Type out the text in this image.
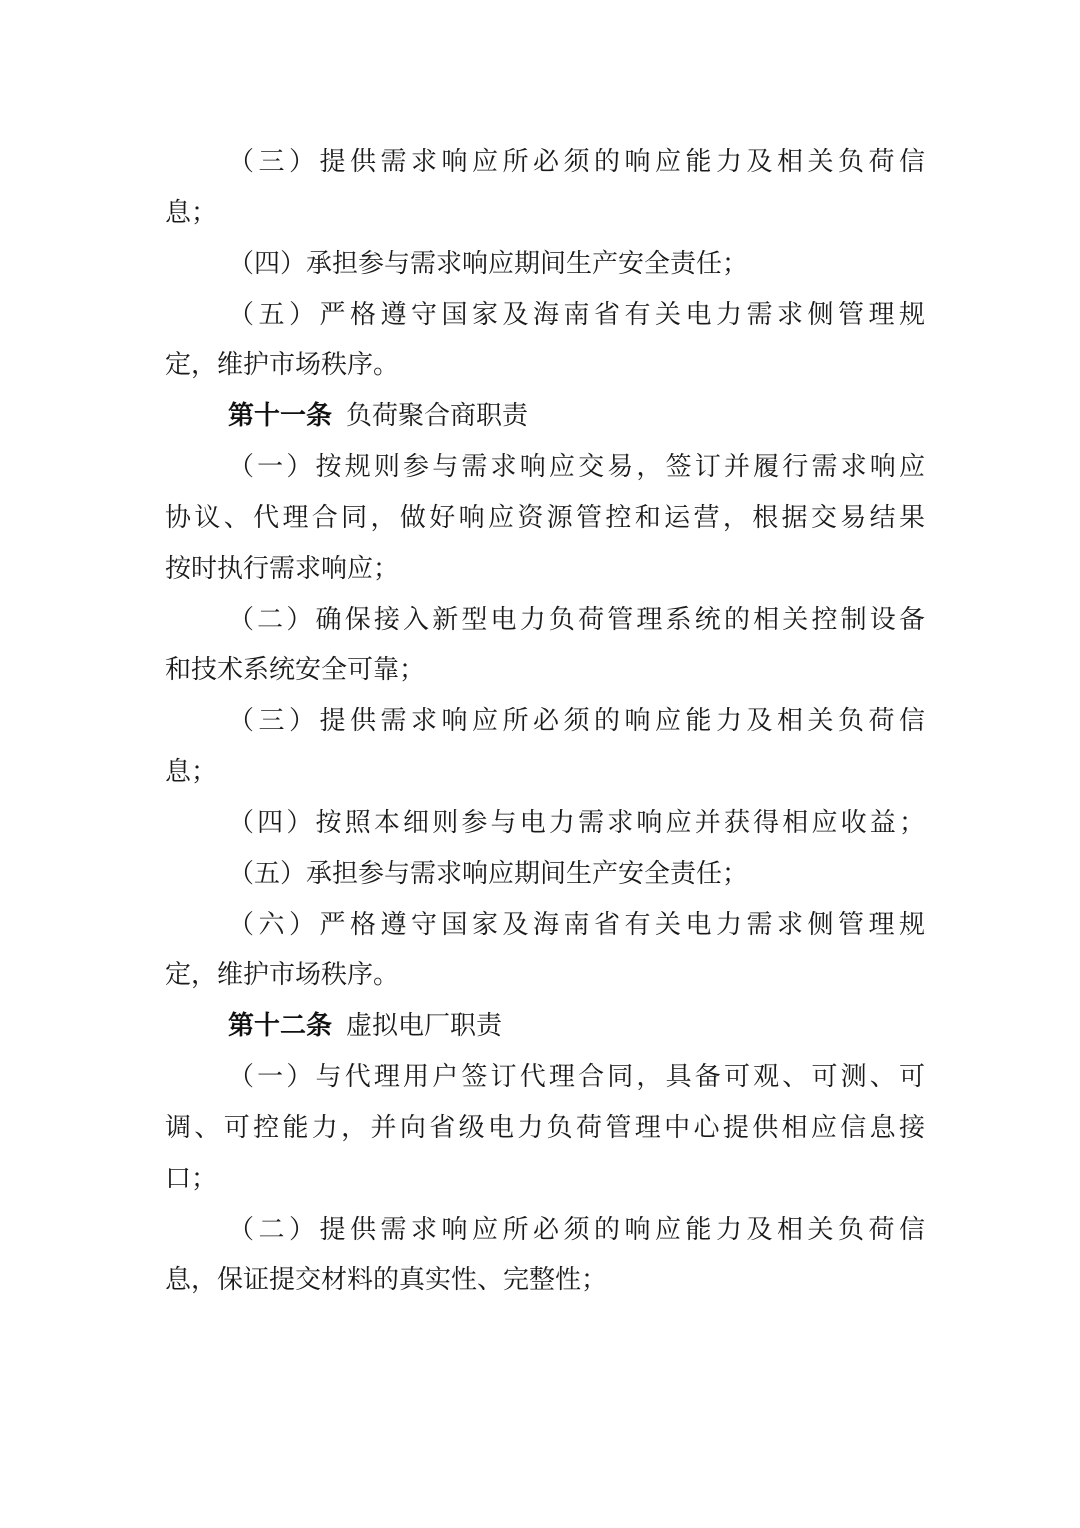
（三）提供需求响应所必须的响应能力及相关负荷信
息；
（四）承担参与需求响应期间生产安全责任；
（五）严格遵守国家及海南省有关电力需求侧管理规
定，维护市场秩序。
第十一条 负荷聚合商职责
（一）按规则参与需求响应交易，签订并履行需求响应
协议、代理合同，做好响应资源管控和运营，根据交易结果
按时执行需求响应；
（二）确保接入新型电力负荷管理系统的相关控制设备
和技术系统安全可靠；
（三）提供需求响应所必须的响应能力及相关负荷信
息；
（四）按照本细则参与电力需求响应并获得相应收益；
（五）承担参与需求响应期间生产安全责任；
（六）严格遵守国家及海南省有关电力需求侧管理规
定，维护市场秩序。
第十二条 虚拟电厂职责
（一）与代理用户签订代理合同，具备可观、可测、可
调、可控能力，并向省级电力负荷管理中心提供相应信息接
口；
（二）提供需求响应所必须的响应能力及相关负荷信
息，保证提交材料的真实性、完整性；
